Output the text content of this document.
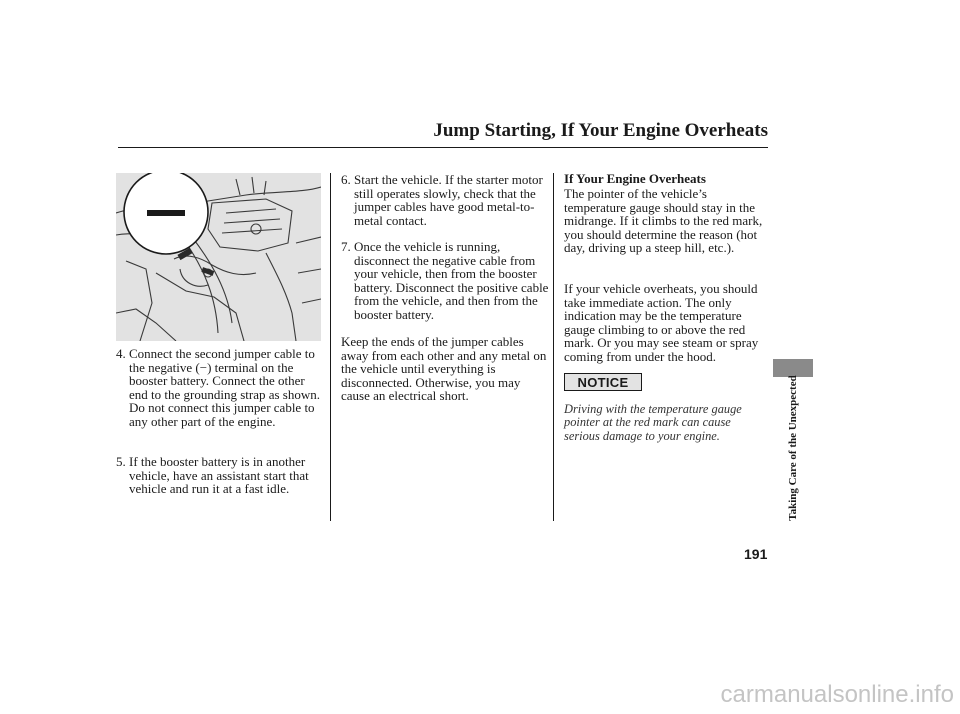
Jump Starting, If Your Engine Overheats
4. Connect the second jumper cable to the negative (−) terminal on the booster battery. Connect the other end to the grounding strap as shown. Do not connect this jumper cable to any other part of the engine.
5. If the booster battery is in another vehicle, have an assistant start that vehicle and run it at a fast idle.
6. Start the vehicle. If the starter motor still operates slowly, check that the jumper cables have good metal-to-metal contact.
7. Once the vehicle is running, disconnect the negative cable from your vehicle, then from the booster battery. Disconnect the positive cable from the vehicle, and then from the booster battery.
Keep the ends of the jumper cables away from each other and any metal on the vehicle until everything is disconnected. Otherwise, you may cause an electrical short.
If Your Engine Overheats
The pointer of the vehicle’s temperature gauge should stay in the midrange. If it climbs to the red mark, you should determine the reason (hot day, driving up a steep hill, etc.).
If your vehicle overheats, you should take immediate action. The only indication may be the temperature gauge climbing to or above the red mark. Or you may see steam or spray coming from under the hood.
NOTICE
Driving with the temperature gauge pointer at the red mark can cause serious damage to your engine.	Taking Care of the Unexpected
191
carmanualsonline.info
